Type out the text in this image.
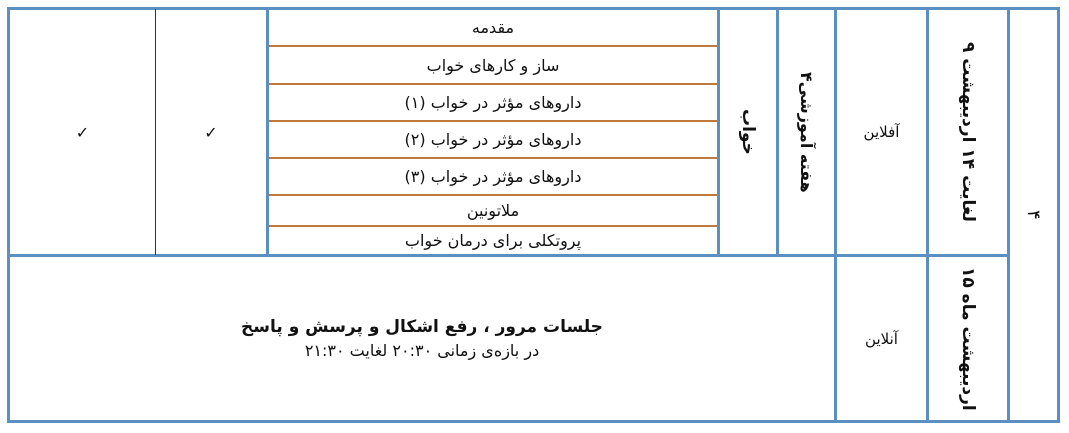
۴
۹ لغایت ۱۴ اردیبهشت
آفلاین
هفته آموزشی۴
خواب
مقدمه
ساز و کارهای خواب
داروهای مؤثر در خواب (۱)
داروهای مؤثر در خواب (۲)
داروهای مؤثر در خواب (۳)
ملاتونین
پروتکلی برای درمان خواب
✓
✓
۱۵ اردیبهشت ماه
آنلاین
جلسات مرور ، رفع اشکال و پرسش و پاسخ
در بازه‌ی زمانی ۲۰:۳۰ لغایت ۲۱:۳۰
